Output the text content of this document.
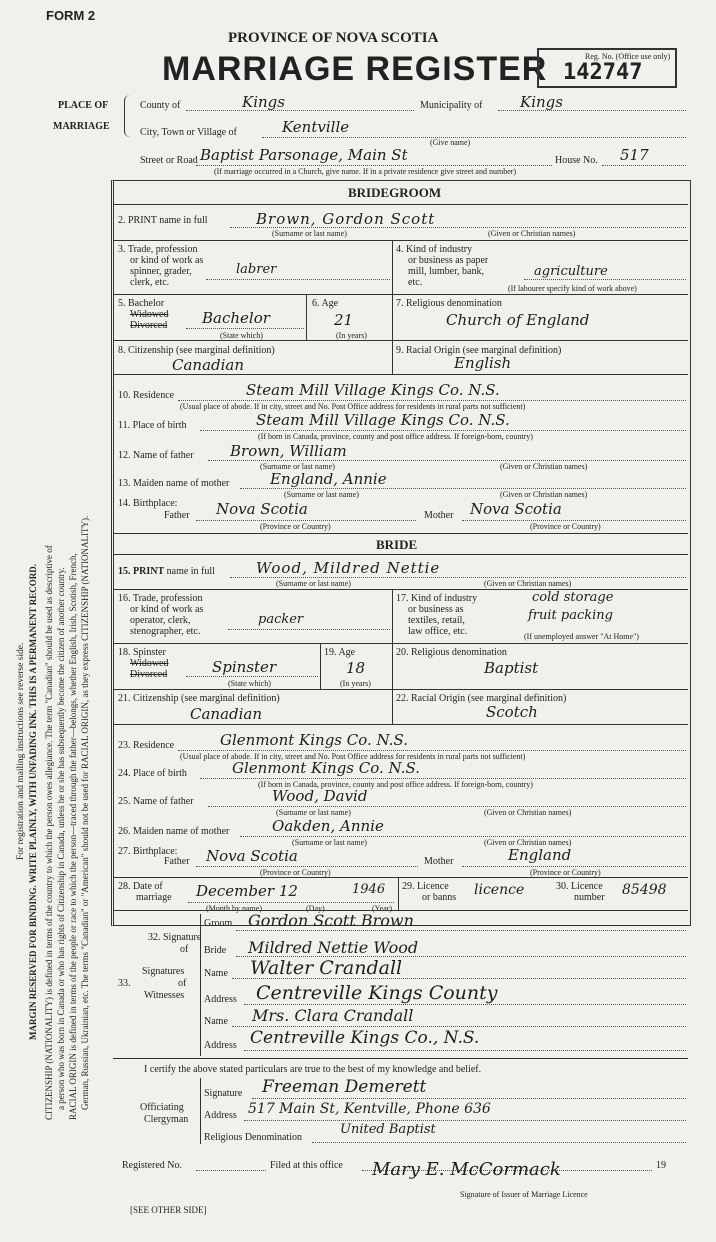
FORM 2
PROVINCE OF NOVA SCOTIA
MARRIAGE REGISTER	Reg. No. (Office use only)
142747
PLACE OF
MARRIAGE
County of	Kings	Municipality of	Kings
City, Town or Village of	Kentville
(Give name)
Street or Road Baptist Parsonage, Main St	House No. 517
(If marriage occurred in a Church, give name. If in a private residence give street and number)
BRIDEGROOM
2. PRINT name in full	Brown, Gordon Scott
(Surname or last name)	(Given or Christian names)
3. Trade, profession
or kind of work as
spinner, grader,
clerk, etc.
labrer
4. Kind of industry
or business as paper
mill, lumber, bank,
etc.
agriculture
(If labourer specify kind of work above)
5. Bachelor
Widowed
Divorced	Bachelor
(State which)
6. Age
21
(In years)
7. Religious denomination
Church of England
8. Citizenship (see marginal definition)
Canadian
9. Racial Origin (see marginal definition)
English
10. Residence	Steam Mill Village Kings Co. N.S.
(Usual place of abode. If in city, street and No. Post Office address for residents in rural parts not sufficient)
11. Place of birth	Steam Mill Village Kings Co. N.S.
(If born in Canada, province, county and post office address. If foreign-born, country)
12. Name of father Brown, William
(Surname or last name)	(Given or Christian names)
13. Maiden name of mother	England, Annie
(Surname or last name)	(Given or Christian names)
14. Birthplace:
Father Nova Scotia
(Province or Country)
Mother Nova Scotia
(Province or Country)
BRIDE
15. PRINT name in full	Wood, Mildred Nettie
(Surname or last name)	(Given or Christian names)
16. Trade, profession
or kind of work as
operator, clerk,
stenographer, etc.
packer
17. Kind of industry
or business as
textiles, retail,
law office, etc.
cold storage
fruit packing
(If unemployed answer "At Home")
18. Spinster
Widowed
Divorced	Spinster
(State which)
19. Age
18
(In years)
20. Religious denomination
Baptist
21. Citizenship (see marginal definition)
Canadian
22. Racial Origin (see marginal definition)
Scotch
23. Residence	Glenmont Kings Co. N.S.
(Usual place of abode. If in city, street and No. Post Office address for residents in rural parts not sufficient)
24. Place of birth	Glenmont Kings Co. N.S.
(If born in Canada, province, county and post office address. If foreign-born, country)
25. Name of father	Wood, David
(Surname or last name)	(Given or Christian names)
26. Maiden name of mother	Oakden, Annie
(Surname or last name)	(Given or Christian names)
27. Birthplace:
Father Nova Scotia
(Province or Country)
Mother	England
(Province or Country)
28. Date of
marriage	December 12	1946
(Month by name)	(Day)	(Year)
29. Licence
or banns	licence	30. Licence
number	85498
32. Signature
of
Groom Gordon Scott Brown
Bride Mildred Nettie Wood
Signatures
of
Witnesses
33.
Name Walter Crandall
Address Centreville Kings County
Name Mrs. Clara Crandall
Address Centreville Kings Co., N.S.
I certify the above stated particulars are true to the best of my knowledge and belief.
Officiating
Clergyman
Signature Freeman Demerett
Address 517 Main St, Kentville, Phone 636
Religious Denomination
United Baptist
Registered No.	Filed at this office	19
Mary E. McCormack
Signature of Issuer of Marriage Licence
[SEE OTHER SIDE]
For registration and mailing instructions see reverse side. MARGIN RESERVED FOR BINDING. WRITE PLAINLY, WITH UNFADING INK. THIS IS A PERMANENT RECORD. CITIZENSHIP (NATIONALITY) is defined in terms of the country to which the person owes allegiance. The term "Canadian" should be used as descriptive of a person who was born in Canada or who has rights of Citizenship in Canada, unless he or she has subsequently become the citizen of another country. RACIAL ORIGIN is defined in terms of the people or race to which the person—traced through the father—belongs, whether English, Irish, Scotish, French, German, Russian, Ukrainian, etc. The terms "Canadian" or "American" should not be used for RACIAL ORIGIN, as they express CITIZENSHIP (NATIONALITY).
